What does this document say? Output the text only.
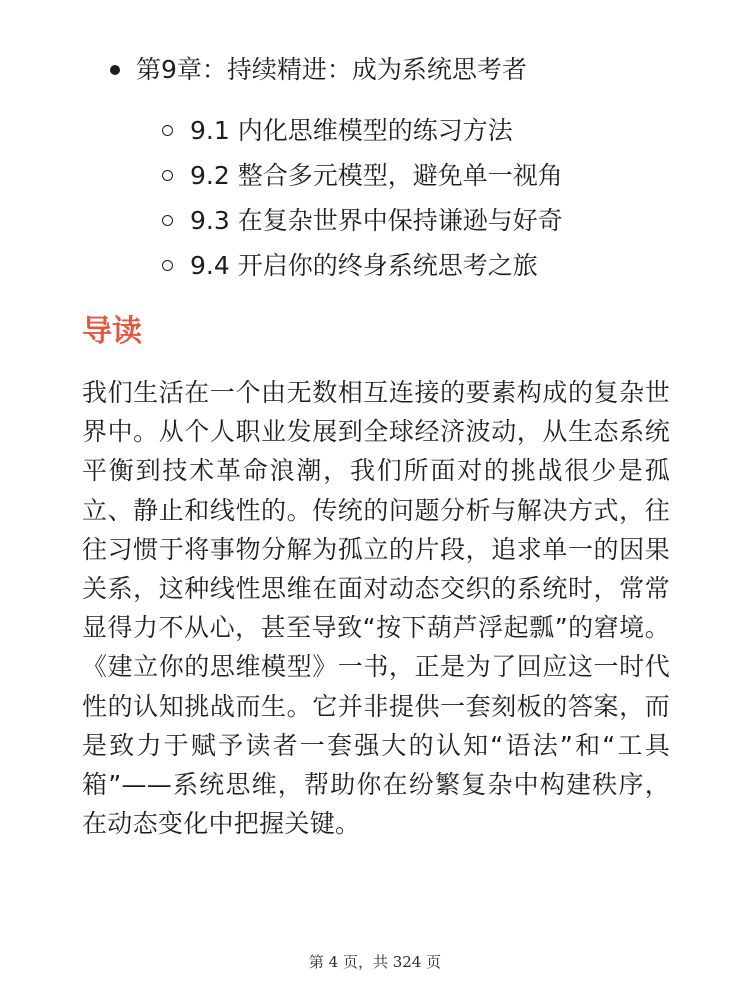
第9章：持续精进：成为系统思考者
9.1 内化思维模型的练习方法
9.2 整合多元模型，避免单一视角
9.3 在复杂世界中保持谦逊与好奇
9.4 开启你的终身系统思考之旅
导读

我们生活在一个由无数相互连接的要素构成的复杂世界中。从个人职业发展到全球经济波动，从生态系统平衡到技术革命浪潮，我们所面对的挑战很少是孤立、静止和线性的。传统的问题分析与解决方式，往往习惯于将事物分解为孤立的片段，追求单一的因果关系，这种线性思维在面对动态交织的系统时，常常显得力不从心，甚至导致“按下葫芦浮起瓢”的窘境。《建立你的思维模型》一书，正是为了回应这一时代性的认知挑战而生。它并非提供一套刻板的答案，而是致力于赋予读者一套强大的认知“语法”和“工具箱”——系统思维，帮助你在纷繁复杂中构建秩序，在动态变化中把握关键。

第 4 页，共 324 页
